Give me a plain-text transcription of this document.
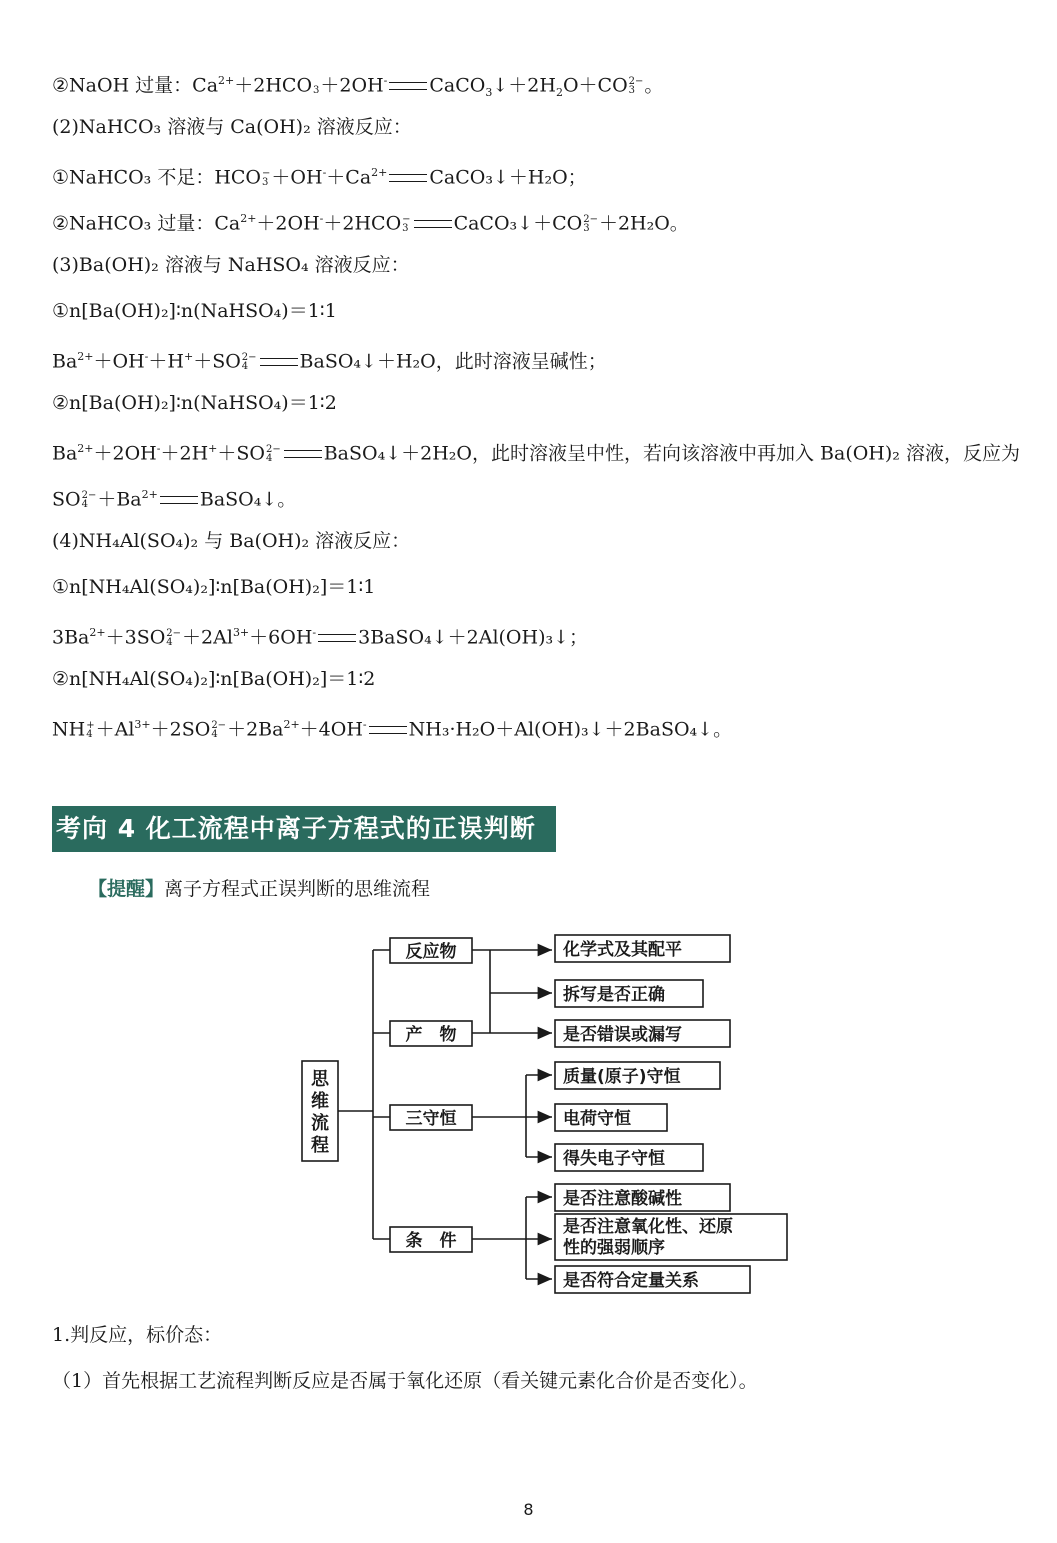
②NaOH 过量：$Ca^{2+}+2HCO$
3 ＋2OH- $CaCO_3↓+2H_2O+CO$ 2−
3 。
(2)NaHCO₃ 溶液与 Ca(OH)₂ 溶液反应：
①NaHCO₃ 不足：HCO −
$3 +OH^-+Ca^{2+}$ CaCO₃↓＋H₂O；
②NaHCO₃ 过量：$Ca^{2+}+2OH^-+2HCO$ −
3 CaCO₃↓＋CO 2−
3 ＋2H₂O。
(3)Ba(OH)₂ 溶液与 NaHSO₄ 溶液反应：
①n[Ba(OH)₂]∶n(NaHSO₄)＝1∶1
$Ba^{2+}+OH^-+H^++SO$ 2−
4	BaSO₄↓＋H₂O，此时溶液呈碱性；
②n[Ba(OH)₂]∶n(NaHSO₄)＝1∶2
$Ba^{2+}+2OH^-+2H^++SO$ 2−
4	BaSO₄↓＋2H₂O，此时溶液呈中性，若向该溶液中再加入 Ba(OH)₂ 溶液，反应为
SO 2−
$4 +Ba^{2+}$ BaSO₄↓。
(4)NH₄Al(SO₄)₂ 与 Ba(OH)₂ 溶液反应：
①n[NH₄Al(SO₄)₂]∶n[Ba(OH)₂]＝1∶1
$3Ba^{2+}+3SO$ 2−
$4 +2Al^{3+}+6OH^-$ 3BaSO₄↓＋2Al(OH)₃↓；
②n[NH₄Al(SO₄)₂]∶n[Ba(OH)₂]＝1∶2
NH +
$4 +Al^{3+}+2SO$ 2−
$4 +2Ba^{2+}+4OH^-$ NH₃·H₂O＋Al(OH)₃↓＋2BaSO₄↓。
考向 4 化工流程中离子方程式的正误判断
【提醒】离子方程式正误判断的思维流程
思
维
流
程
反应物
产　物
三守恒
条　件
化学式及其配平
拆写是否正确
是否错误或漏写
质量(原子)守恒
电荷守恒
得失电子守恒
是否注意酸碱性
是否注意氧化性、还原
性的强弱顺序
是否符合定量关系
1.判反应，标价态：
（1）首先根据工艺流程判断反应是否属于氧化还原（看关键元素化合价是否变化）。
8
